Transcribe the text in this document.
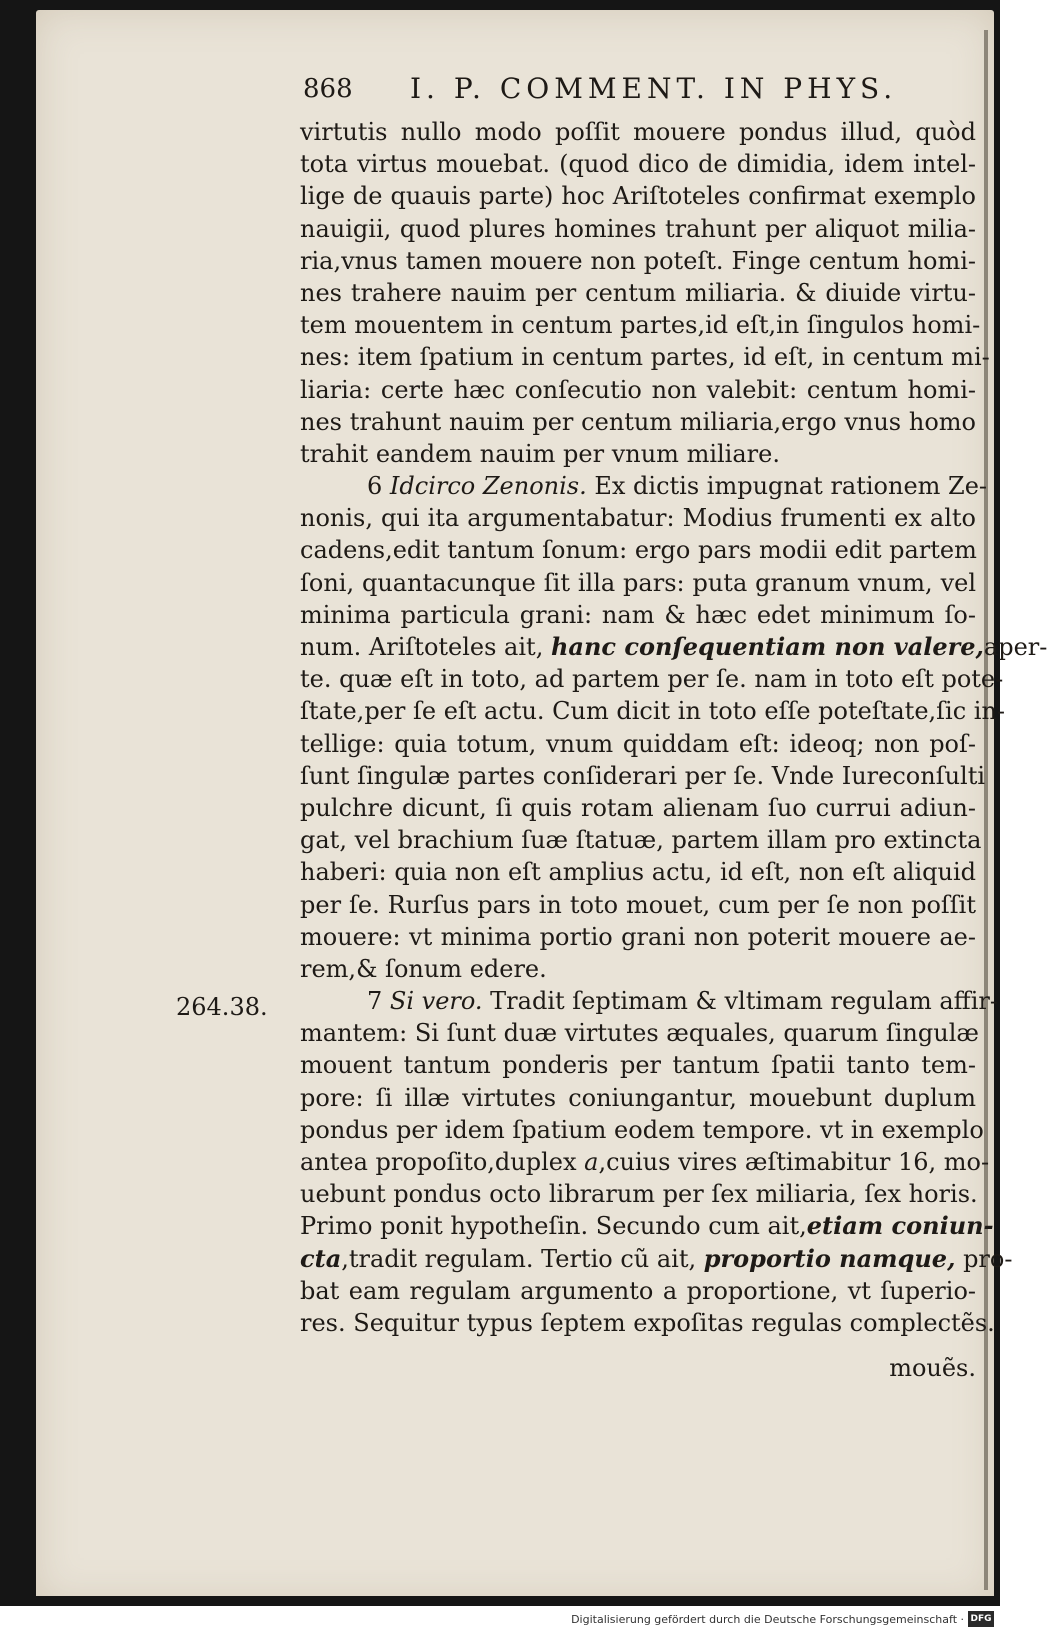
868 I. P. COMMENT. IN PHYS.
264.38.
virtutis nullo modo poſſit mouere pondus illud, quòd
tota virtus mouebat. (quod dico de dimidia, idem intel-
lige de quauis parte) hoc Ariſtoteles confirmat exemplo
nauigii, quod plures homines trahunt per aliquot milia-
ria,vnus tamen mouere non poteſt. Finge centum homi-
nes trahere nauim per centum miliaria. & diuide virtu-
tem mouentem in centum partes,id eſt,in ſingulos homi-
nes: item ſpatium in centum partes, id eſt, in centum mi-
liaria: certe hæc conſecutio non valebit: centum homi-
nes trahunt nauim per centum miliaria,ergo vnus homo
trahit eandem nauim per vnum miliare.
6 Idcirco Zenonis. Ex dictis impugnat rationem Ze-
nonis, qui ita argumentabatur: Modius frumenti ex alto
cadens,edit tantum ſonum: ergo pars modii edit partem
ſoni, quantacunque ſit illa pars: puta granum vnum, vel
minima particula grani: nam & hæc edet minimum ſo-
num. Ariſtoteles ait, hanc conſequentiam non valere,aper-
te. quæ eſt in toto, ad partem per ſe. nam in toto eſt pote-
ſtate,per ſe eſt actu. Cum dicit in toto eſſe poteſtate,ſic in-
tellige: quia totum, vnum quiddam eſt: ideoq; non poſ-
ſunt ſingulæ partes conſiderari per ſe. Vnde Iureconſulti
pulchre dicunt, ſi quis rotam alienam ſuo currui adiun-
gat, vel brachium ſuæ ſtatuæ, partem illam pro extincta
haberi: quia non eſt amplius actu, id eſt, non eſt aliquid
per ſe. Rurſus pars in toto mouet, cum per ſe non poſſit
mouere: vt minima portio grani non poterit mouere ae-
rem,& ſonum edere.
7 Si vero. Tradit ſeptimam & vltimam regulam affir-
mantem: Si ſunt duæ virtutes æquales, quarum ſingulæ
mouent tantum ponderis per tantum ſpatii tanto tem-
pore: ſi illæ virtutes coniungantur, mouebunt duplum
pondus per idem ſpatium eodem tempore. vt in exemplo
antea propoſito,duplex a,cuius vires æſtimabitur 16, mo-
uebunt pondus octo librarum per ſex miliaria, ſex horis.
Primo ponit hypotheſin. Secundo cum ait,etiam coniun-
cta,tradit regulam. Tertio cũ ait, proportio namque, pro-
bat eam regulam argumento a proportione, vt ſuperio-
res. Sequitur typus ſeptem expoſitas regulas complectẽs.
mouẽs.
Digitalisierung gefördert durch die Deutsche Forschungsgemeinschaft · DFG
